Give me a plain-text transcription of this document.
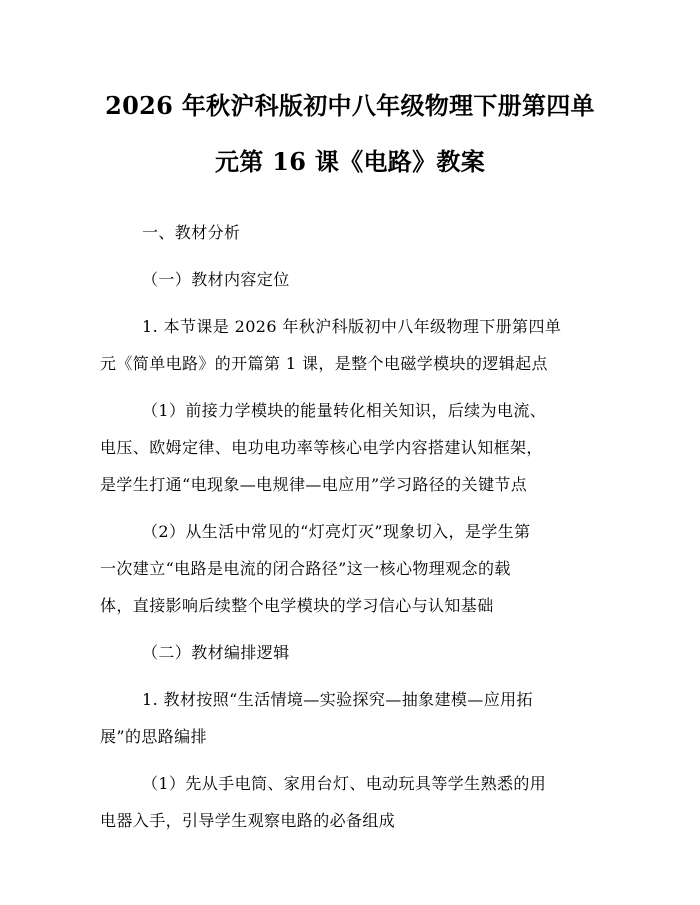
2026 年秋沪科版初中八年级物理下册第四单
元第 16 课《电路》教案

一、教材分析

（一）教材内容定位

1. 本节课是 2026 年秋沪科版初中八年级物理下册第四单
元《简单电路》的开篇第 1 课，是整个电磁学模块的逻辑起点

（1）前接力学模块的能量转化相关知识，后续为电流、
电压、欧姆定律、电功电功率等核心电学内容搭建认知框架，
是学生打通“电现象—电规律—电应用”学习路径的关键节点

（2）从生活中常见的“灯亮灯灭”现象切入，是学生第
一次建立“电路是电流的闭合路径”这一核心物理观念的载
体，直接影响后续整个电学模块的学习信心与认知基础

（二）教材编排逻辑

1. 教材按照“生活情境—实验探究—抽象建模—应用拓
展”的思路编排

（1）先从手电筒、家用台灯、电动玩具等学生熟悉的用
电器入手，引导学生观察电路的必备组成
